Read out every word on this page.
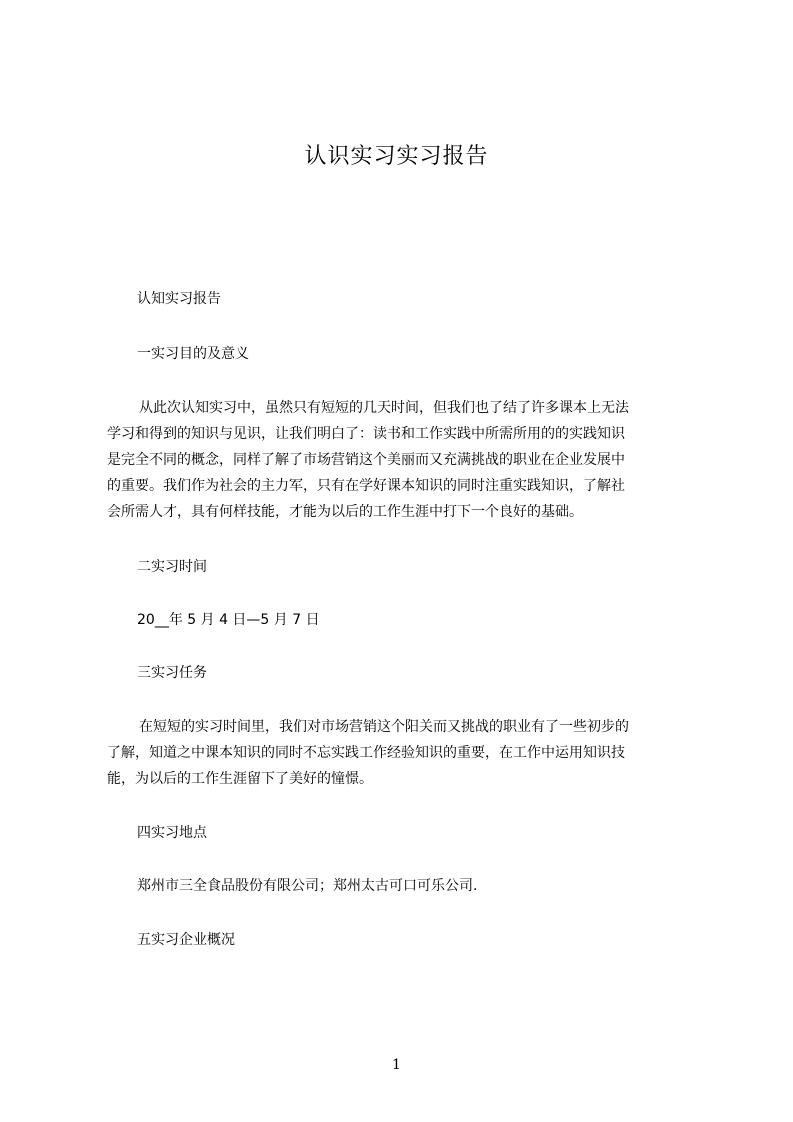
认识实习实习报告
认知实习报告
一实习目的及意义
从此次认知实习中，虽然只有短短的几天时间，但我们也了结了许多课本上无法
学习和得到的知识与见识，让我们明白了：读书和工作实践中所需所用的的实践知识
是完全不同的概念，同样了解了市场营销这个美丽而又充满挑战的职业在企业发展中
的重要。我们作为社会的主力军，只有在学好课本知识的同时注重实践知识，了解社
会所需人才，具有何样技能，才能为以后的工作生涯中打下一个良好的基础。
二实习时间
20__年 5 月 4 日—5 月 7 日
三实习任务
在短短的实习时间里，我们对市场营销这个阳关而又挑战的职业有了一些初步的
了解，知道之中课本知识的同时不忘实践工作经验知识的重要，在工作中运用知识技
能，为以后的工作生涯留下了美好的憧憬。
四实习地点
郑州市三全食品股份有限公司；郑州太古可口可乐公司.
五实习企业概况
1
